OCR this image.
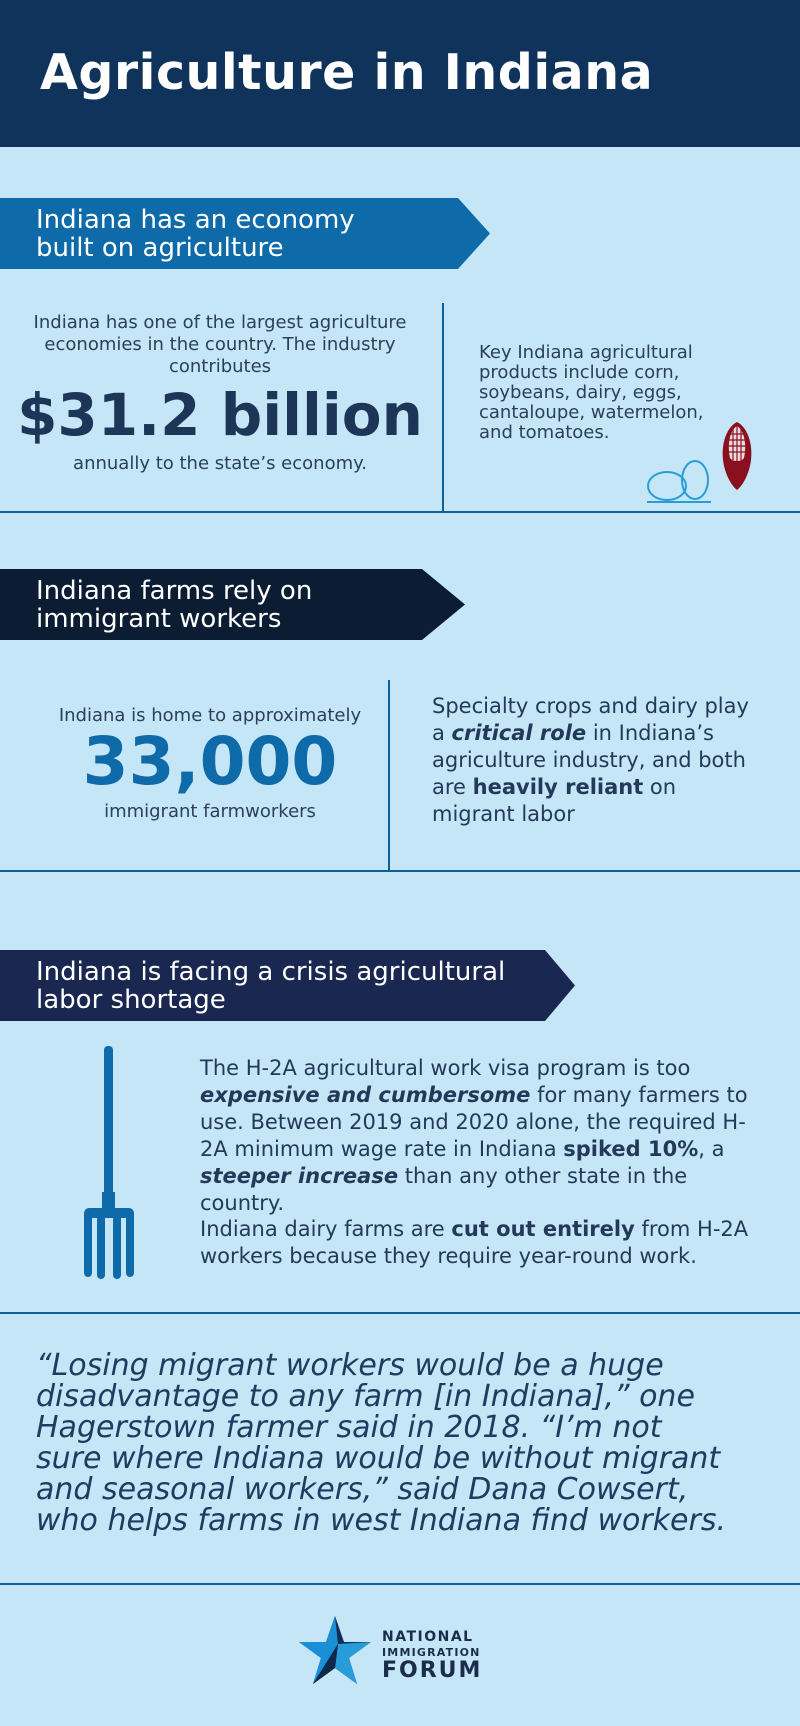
Agriculture in Indiana
Indiana has an economy built on agriculture
Indiana has one of the largest agriculture economies in the country. The industry contributes
$31.2 billion
annually to the state’s economy.
Key Indiana agricultural products include corn, soybeans, dairy, eggs, cantaloupe, watermelon, and tomatoes.
Indiana farms rely on immigrant workers
Indiana is home to approximately
33,000
immigrant farmworkers
Specialty crops and dairy play a critical role in Indiana’s agriculture industry, and both are heavily reliant on migrant labor
Indiana is facing a crisis agricultural labor shortage
The H-2A agricultural work visa program is too expensive and cumbersome for many farmers to use. Between 2019 and 2020 alone, the required H-2A minimum wage rate in Indiana spiked 10%, a steeper increase than any other state in the country.
Indiana dairy farms are cut out entirely from H-2A workers because they require year-round work.
“Losing migrant workers would be a huge disadvantage to any farm [in Indiana],” one Hagerstown farmer said in 2018. “I’m not sure where Indiana would be without migrant and seasonal workers,” said Dana Cowsert, who helps farms in west Indiana find workers.
NATIONAL
IMMIGRATION
FORUM
